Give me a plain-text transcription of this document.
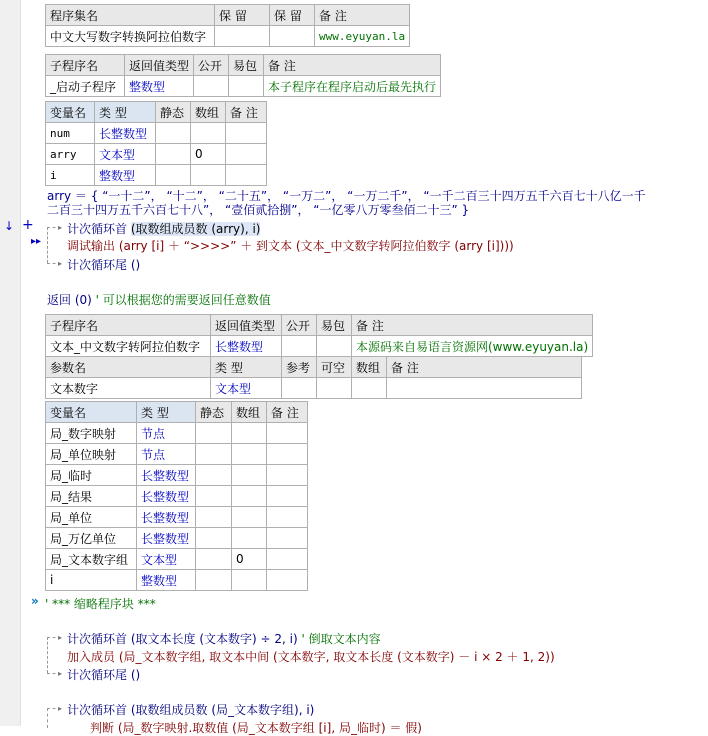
程序集名	保 留	保 留	备 注
中文大写数字转换阿拉伯数字			www.eyuyan.la
子程序名	返回值类型	公开	易包	备 注
_启动子程序	整数型			本子程序在程序启动后最先执行
变量名	类 型	静态	数组	备 注
num	长整数型			
arry	文本型		0	
i	整数型			
arry ＝ { “一十二”， “十二”， “二十五”， “一万二”， “一万二千”， “一千二百三十四万五千六百七十八亿一千
二百三十四万五千六百七十八”， “壹佰贰拾捌”， “一亿零八万零叁佰二十三” }
↓ +
▸▸
▸
▸
计次循环首 (取数组成员数 (arry), i)
调试输出 (arry [i] ＋ “>>>>” ＋ 到文本 (文本_中文数字转阿拉伯数字 (arry [i])))
计次循环尾 ()
返回 (0) ' 可以根据您的需要返回任意数值
子程序名	返回值类型	公开	易包	备 注
文本_中文数字转阿拉伯数字	长整数型			本源码来自易语言资源网(www.eyuyan.la)
参数名	类 型	参考	可空	数组	备 注
文本数字	文本型				
变量名	类 型	静态	数组	备 注
局_数字映射	节点			
局_单位映射	节点			
局_临时	长整数型			
局_结果	长整数型			
局_单位	长整数型			
局_万亿单位	长整数型			
局_文本数字组	文本型		0	
i	整数型			
» ' *** 缩略程序块 ***
▸
▸
计次循环首 (取文本长度 (文本数字) ÷ 2, i) ' 倒取文本内容
加入成员 (局_文本数字组, 取文本中间 (文本数字, 取文本长度 (文本数字) － i × 2 ＋ 1, 2))
计次循环尾 ()
▸ 计次循环首 (取数组成员数 (局_文本数字组), i)
判断 (局_数字映射.取数值 (局_文本数字组 [i], 局_临时) ＝ 假)
